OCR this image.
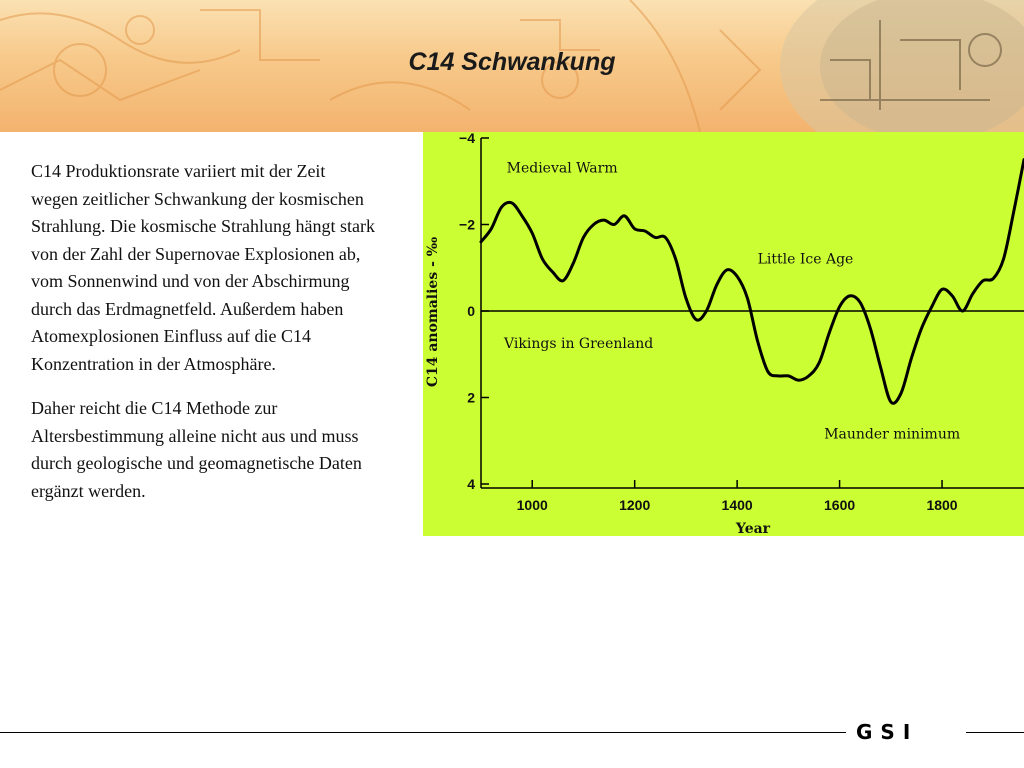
C14 Schwankung

C14 Produktionsrate variiert mit der Zeit wegen zeitlicher Schwankung der kosmischen Strahlung. Die kosmische Strahlung hängt stark von der Zahl der Supernovae Explosionen ab, vom Sonnenwind und von der Abschirmung durch das Erdmagnetfeld. Außerdem haben Atomexplosionen Einfluss auf die C14 Konzentration in der Atmosphäre.

Daher reicht die C14 Methode zur Altersbestimmung alleine nicht aus und muss durch geologische und geomagnetische Daten ergänzt werden.

−4
−2
0
2
4
1000	1200	1400	1600	1800
Medieval Warm
Little Ice Age
Vikings in Greenland
Maunder minimum
Year
C14 anomalies - ‰
GSI
